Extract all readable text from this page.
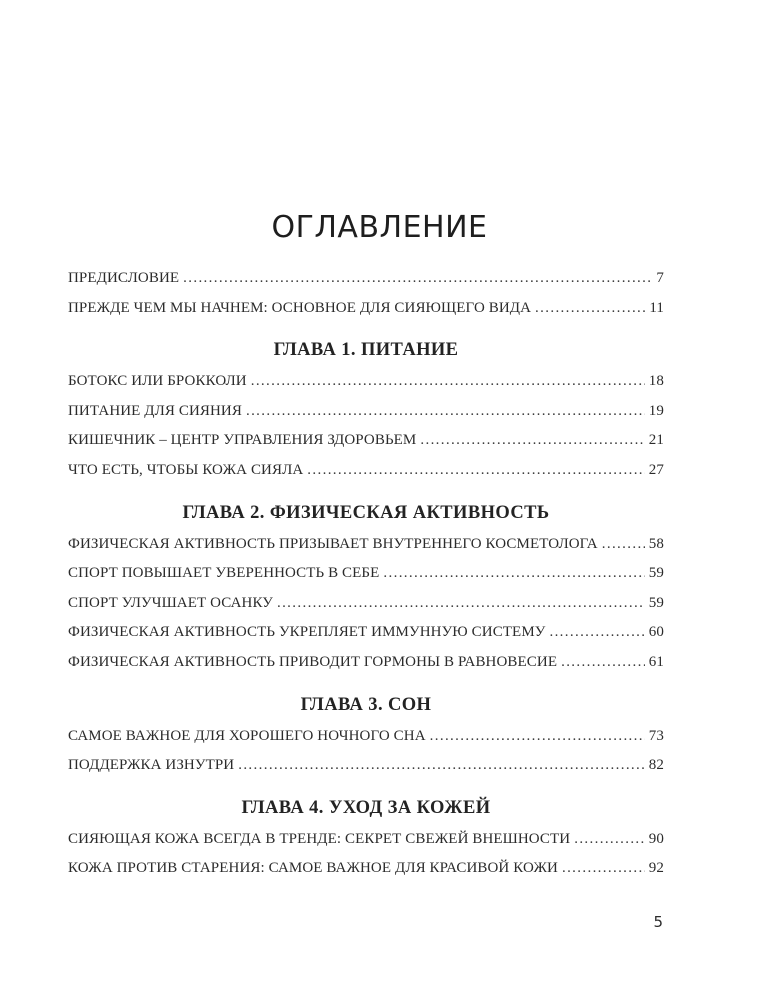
ОГЛАВЛЕНИЕ
ПРЕДИСЛОВИЕ . . .	7
ПРЕЖДЕ ЧЕМ МЫ НАЧНЕМ: ОСНОВНОЕ ДЛЯ СИЯЮЩЕГО ВИДА . . .	11
ГЛАВА 1. ПИТАНИЕ
БОТОКС ИЛИ БРОККОЛИ . . .	18
ПИТАНИЕ ДЛЯ СИЯНИЯ . . .	19
КИШЕЧНИК – ЦЕНТР УПРАВЛЕНИЯ ЗДОРОВЬЕМ . . .	21
ЧТО ЕСТЬ, ЧТОБЫ КОЖА СИЯЛА . . .	27
ГЛАВА 2. ФИЗИЧЕСКАЯ АКТИВНОСТЬ
ФИЗИЧЕСКАЯ АКТИВНОСТЬ ПРИЗЫВАЕТ ВНУТРЕННЕГО КОСМЕТОЛОГА . . .	58
СПОРТ ПОВЫШАЕТ УВЕРЕННОСТЬ В СЕБЕ . . .	59
СПОРТ УЛУЧШАЕТ ОСАНКУ . . .	59
ФИЗИЧЕСКАЯ АКТИВНОСТЬ УКРЕПЛЯЕТ ИММУННУЮ СИСТЕМУ . . .	60
ФИЗИЧЕСКАЯ АКТИВНОСТЬ ПРИВОДИТ ГОРМОНЫ В РАВНОВЕСИЕ . . .	61
ГЛАВА 3. СОН
САМОЕ ВАЖНОЕ ДЛЯ ХОРОШЕГО НОЧНОГО СНА . . .	73
ПОДДЕРЖКА ИЗНУТРИ . . .	82
ГЛАВА 4. УХОД ЗА КОЖЕЙ
СИЯЮЩАЯ КОЖА ВСЕГДА В ТРЕНДЕ: СЕКРЕТ СВЕЖЕЙ ВНЕШНОСТИ . . .	90
КОЖА ПРОТИВ СТАРЕНИЯ: САМОЕ ВАЖНОЕ ДЛЯ КРАСИВОЙ КОЖИ . . .	92
5
